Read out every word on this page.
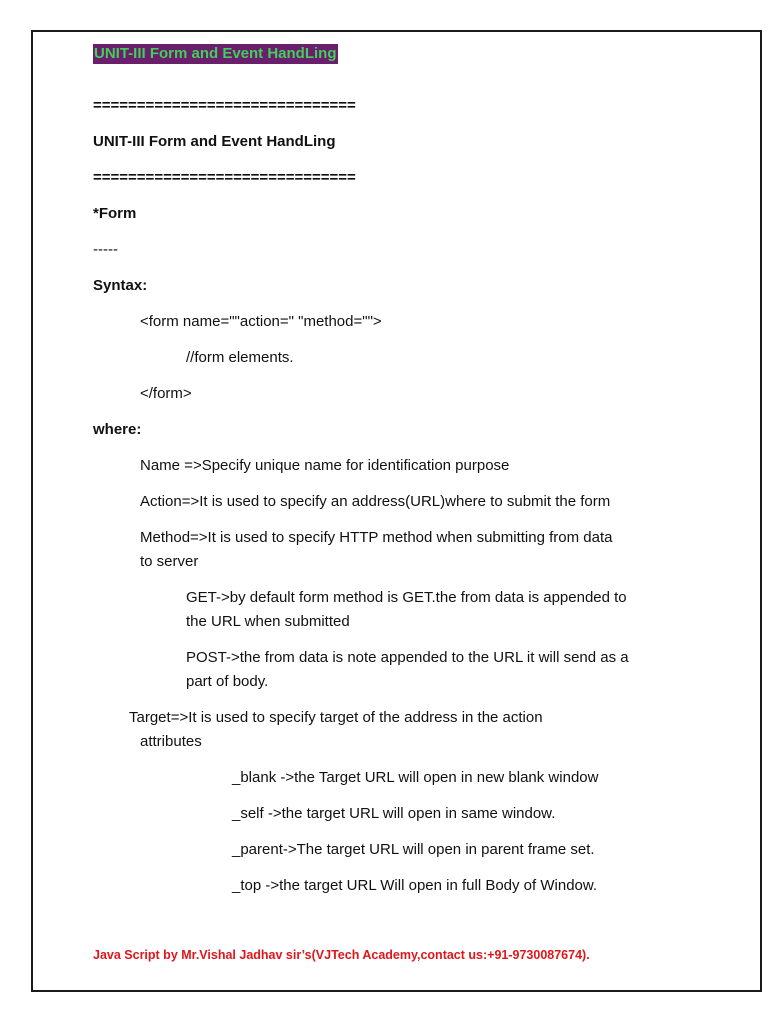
UNIT-III Form and Event HandLing
==============================
UNIT-III Form and Event HandLing
==============================
*Form
-----
Syntax:
<form name=""action=" "method="">
//form elements.
</form>
where:
Name =>Specify unique name for identification purpose
Action=>It is used to specify an address(URL)where to submit the form
Method=>It is used to specify HTTP method when submitting from data
to server
GET->by default form method is GET.the from data is appended to
the URL when submitted
POST->the from data is note appended to the URL it will send as a
part of body.
Target=>It is used to specify target of the address in the action
attributes
_blank ->the Target URL will open in new blank window
_self ->the target URL will open in same window.
_parent->The target URL will open in parent frame set.
_top ->the target URL Will open in full Body of Window.
Java Script by Mr.Vishal Jadhav sir’s(VJTech Academy,contact us:+91-9730087674).
